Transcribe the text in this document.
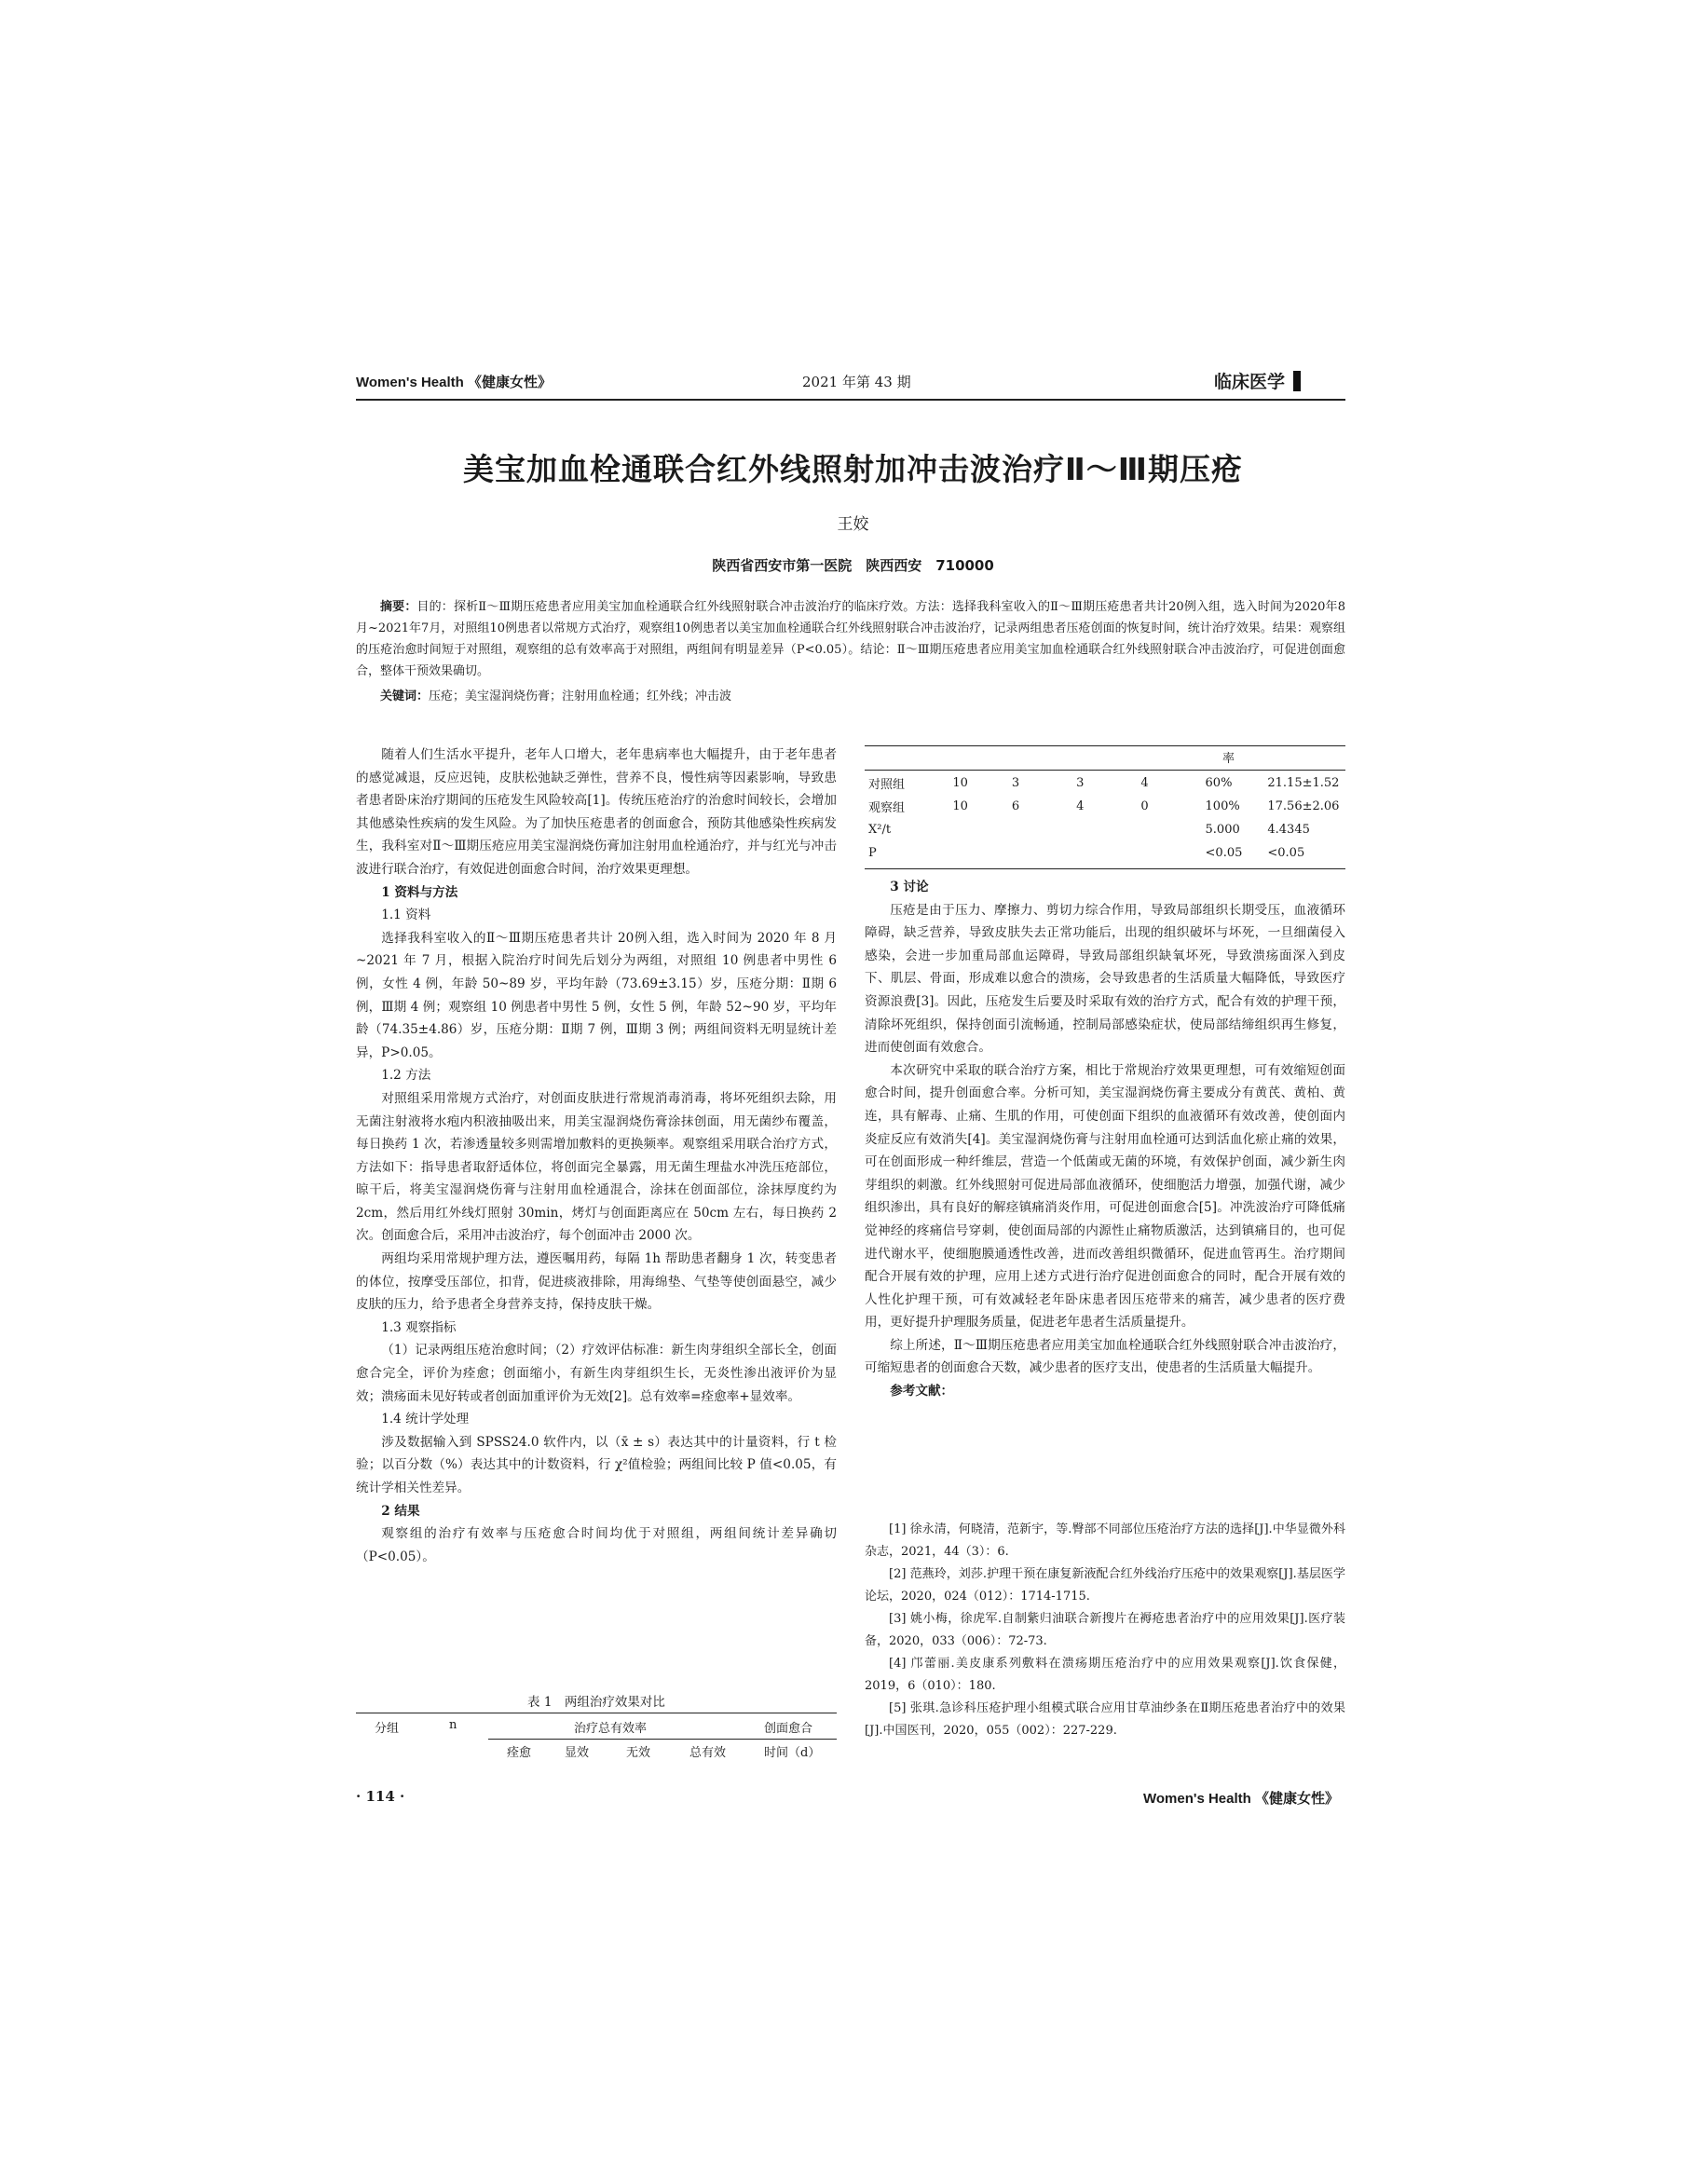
Women's Health 《健康女性》	2021 年第 43 期	临床医学
美宝加血栓通联合红外线照射加冲击波治疗Ⅱ～Ⅲ期压疮
王姣
陕西省西安市第一医院　陕西西安　710000
摘要：目的：探析Ⅱ～Ⅲ期压疮患者应用美宝加血栓通联合红外线照射联合冲击波治疗的临床疗效。方法：选择我科室收入的Ⅱ～Ⅲ期压疮患者共计20例入组，选入时间为2020年8月~2021年7月，对照组10例患者以常规方式治疗，观察组10例患者以美宝加血栓通联合红外线照射联合冲击波治疗，记录两组患者压疮创面的恢复时间，统计治疗效果。结果：观察组的压疮治愈时间短于对照组，观察组的总有效率高于对照组，两组间有明显差异（P<0.05）。结论：Ⅱ～Ⅲ期压疮患者应用美宝加血栓通联合红外线照射联合冲击波治疗，可促进创面愈合，整体干预效果确切。
关键词：压疮；美宝湿润烧伤膏；注射用血栓通；红外线；冲击波

随着人们生活水平提升，老年人口增大，老年患病率也大幅提升，由于老年患者的感觉减退，反应迟钝，皮肤松弛缺乏弹性，营养不良，慢性病等因素影响，导致患者患者卧床治疗期间的压疮发生风险较高[1]。传统压疮治疗的治愈时间较长，会增加其他感染性疾病的发生风险。为了加快压疮患者的创面愈合，预防其他感染性疾病发生，我科室对Ⅱ～Ⅲ期压疮应用美宝湿润烧伤膏加注射用血栓通治疗，并与红光与冲击波进行联合治疗，有效促进创面愈合时间，治疗效果更理想。

1 资料与方法

1.1 资料

选择我科室收入的Ⅱ～Ⅲ期压疮患者共计 20例入组，选入时间为 2020 年 8 月~2021 年 7 月，根据入院治疗时间先后划分为两组，对照组 10 例患者中男性 6 例，女性 4 例，年龄 50~89 岁，平均年龄（73.69±3.15）岁，压疮分期：Ⅱ期 6 例，Ⅲ期 4 例；观察组 10 例患者中男性 5 例，女性 5 例，年龄 52~90 岁，平均年龄（74.35±4.86）岁，压疮分期：Ⅱ期 7 例，Ⅲ期 3 例；两组间资料无明显统计差异，P>0.05。

1.2 方法

对照组采用常规方式治疗，对创面皮肤进行常规消毒消毒，将坏死组织去除，用无菌注射液将水疱内积液抽吸出来，用美宝湿润烧伤膏涂抹创面，用无菌纱布覆盖，每日换药 1 次，若渗透量较多则需增加敷料的更换频率。观察组采用联合治疗方式，方法如下：指导患者取舒适体位，将创面完全暴露，用无菌生理盐水冲洗压疮部位，晾干后，将美宝湿润烧伤膏与注射用血栓通混合，涂抹在创面部位，涂抹厚度约为 2cm，然后用红外线灯照射 30min，烤灯与创面距离应在 50cm 左右，每日换药 2 次。创面愈合后，采用冲击波治疗，每个创面冲击 2000 次。

两组均采用常规护理方法，遵医嘱用药，每隔 1h 帮助患者翻身 1 次，转变患者的体位，按摩受压部位，扣背，促进痰液排除，用海绵垫、气垫等使创面悬空，减少皮肤的压力，给予患者全身营养支持，保持皮肤干燥。

1.3 观察指标

（1）记录两组压疮治愈时间；（2）疗效评估标准：新生肉芽组织全部长全，创面愈合完全，评价为痊愈；创面缩小，有新生肉芽组织生长，无炎性渗出液评价为显效；溃疡面未见好转或者创面加重评价为无效[2]。总有效率=痊愈率+显效率。

1.4 统计学处理

涉及数据输入到 SPSS24.0 软件内，以（x̄ ± s）表达其中的计量资料，行 t 检验；以百分数（%）表达其中的计数资料，行 χ²值检验；两组间比较 P 值<0.05，有统计学相关性差异。

2 结果

观察组的治疗有效率与压疮愈合时间均优于对照组，两组间统计差异确切（P<0.05）。

表 1　两组治疗效果对比
分组	n	治疗总有效率	创面愈合
痊愈	显效	无效	总有效	时间（d）
率
对照组	10	3	3	4	60%	21.15±1.52
观察组	10	6	4	0	100%	17.56±2.06
X²/t					5.000	4.4345
P					<0.05	<0.05

3 讨论

压疮是由于压力、摩擦力、剪切力综合作用，导致局部组织长期受压，血液循环障碍，缺乏营养，导致皮肤失去正常功能后，出现的组织破坏与坏死，一旦细菌侵入感染，会进一步加重局部血运障碍，导致局部组织缺氧坏死，导致溃疡面深入到皮下、肌层、骨面，形成难以愈合的溃疡，会导致患者的生活质量大幅降低，导致医疗资源浪费[3]。因此，压疮发生后要及时采取有效的治疗方式，配合有效的护理干预，清除坏死组织，保持创面引流畅通，控制局部感染症状，使局部结缔组织再生修复，进而使创面有效愈合。

本次研究中采取的联合治疗方案，相比于常规治疗效果更理想，可有效缩短创面愈合时间，提升创面愈合率。分析可知，美宝湿润烧伤膏主要成分有黄芪、黄柏、黄连，具有解毒、止痛、生肌的作用，可使创面下组织的血液循环有效改善，使创面内炎症反应有效消失[4]。美宝湿润烧伤膏与注射用血栓通可达到活血化瘀止痛的效果，可在创面形成一种纤维层，营造一个低菌或无菌的环境，有效保护创面，减少新生肉芽组织的刺激。红外线照射可促进局部血液循环，使细胞活力增强，加强代谢，减少组织渗出，具有良好的解痉镇痛消炎作用，可促进创面愈合[5]。冲洗波治疗可降低痛觉神经的疼痛信号穿刺，使创面局部的内源性止痛物质激活，达到镇痛目的，也可促进代谢水平，使细胞膜通透性改善，进而改善组织微循环，促进血管再生。治疗期间配合开展有效的护理，应用上述方式进行治疗促进创面愈合的同时，配合开展有效的人性化护理干预，可有效减轻老年卧床患者因压疮带来的痛苦，减少患者的医疗费用，更好提升护理服务质量，促进老年患者生活质量提升。

综上所述，Ⅱ～Ⅲ期压疮患者应用美宝加血栓通联合红外线照射联合冲击波治疗，可缩短患者的创面愈合天数，减少患者的医疗支出，使患者的生活质量大幅提升。

参考文献：

[1] 徐永清，何晓清，范新宇，等.臀部不同部位压疮治疗方法的选择[J].中华显微外科杂志，2021，44（3）：6.

[2] 范燕玲，刘莎.护理干预在康复新液配合红外线治疗压疮中的效果观察[J].基层医学论坛，2020，024（012）：1714-1715.

[3] 姚小梅，徐虎军.自制紫归油联合新搜片在褥疮患者治疗中的应用效果[J].医疗装备，2020，033（006）：72-73.

[4] 邝蕾丽.美皮康系列敷料在溃疡期压疮治疗中的应用效果观察[J].饮食保健，2019，6（010）：180.

[5] 张琪.急诊科压疮护理小组模式联合应用甘草油纱条在Ⅱ期压疮患者治疗中的效果[J].中国医刊，2020，055（002）：227-229.

· 114 ·	Women's Health 《健康女性》
